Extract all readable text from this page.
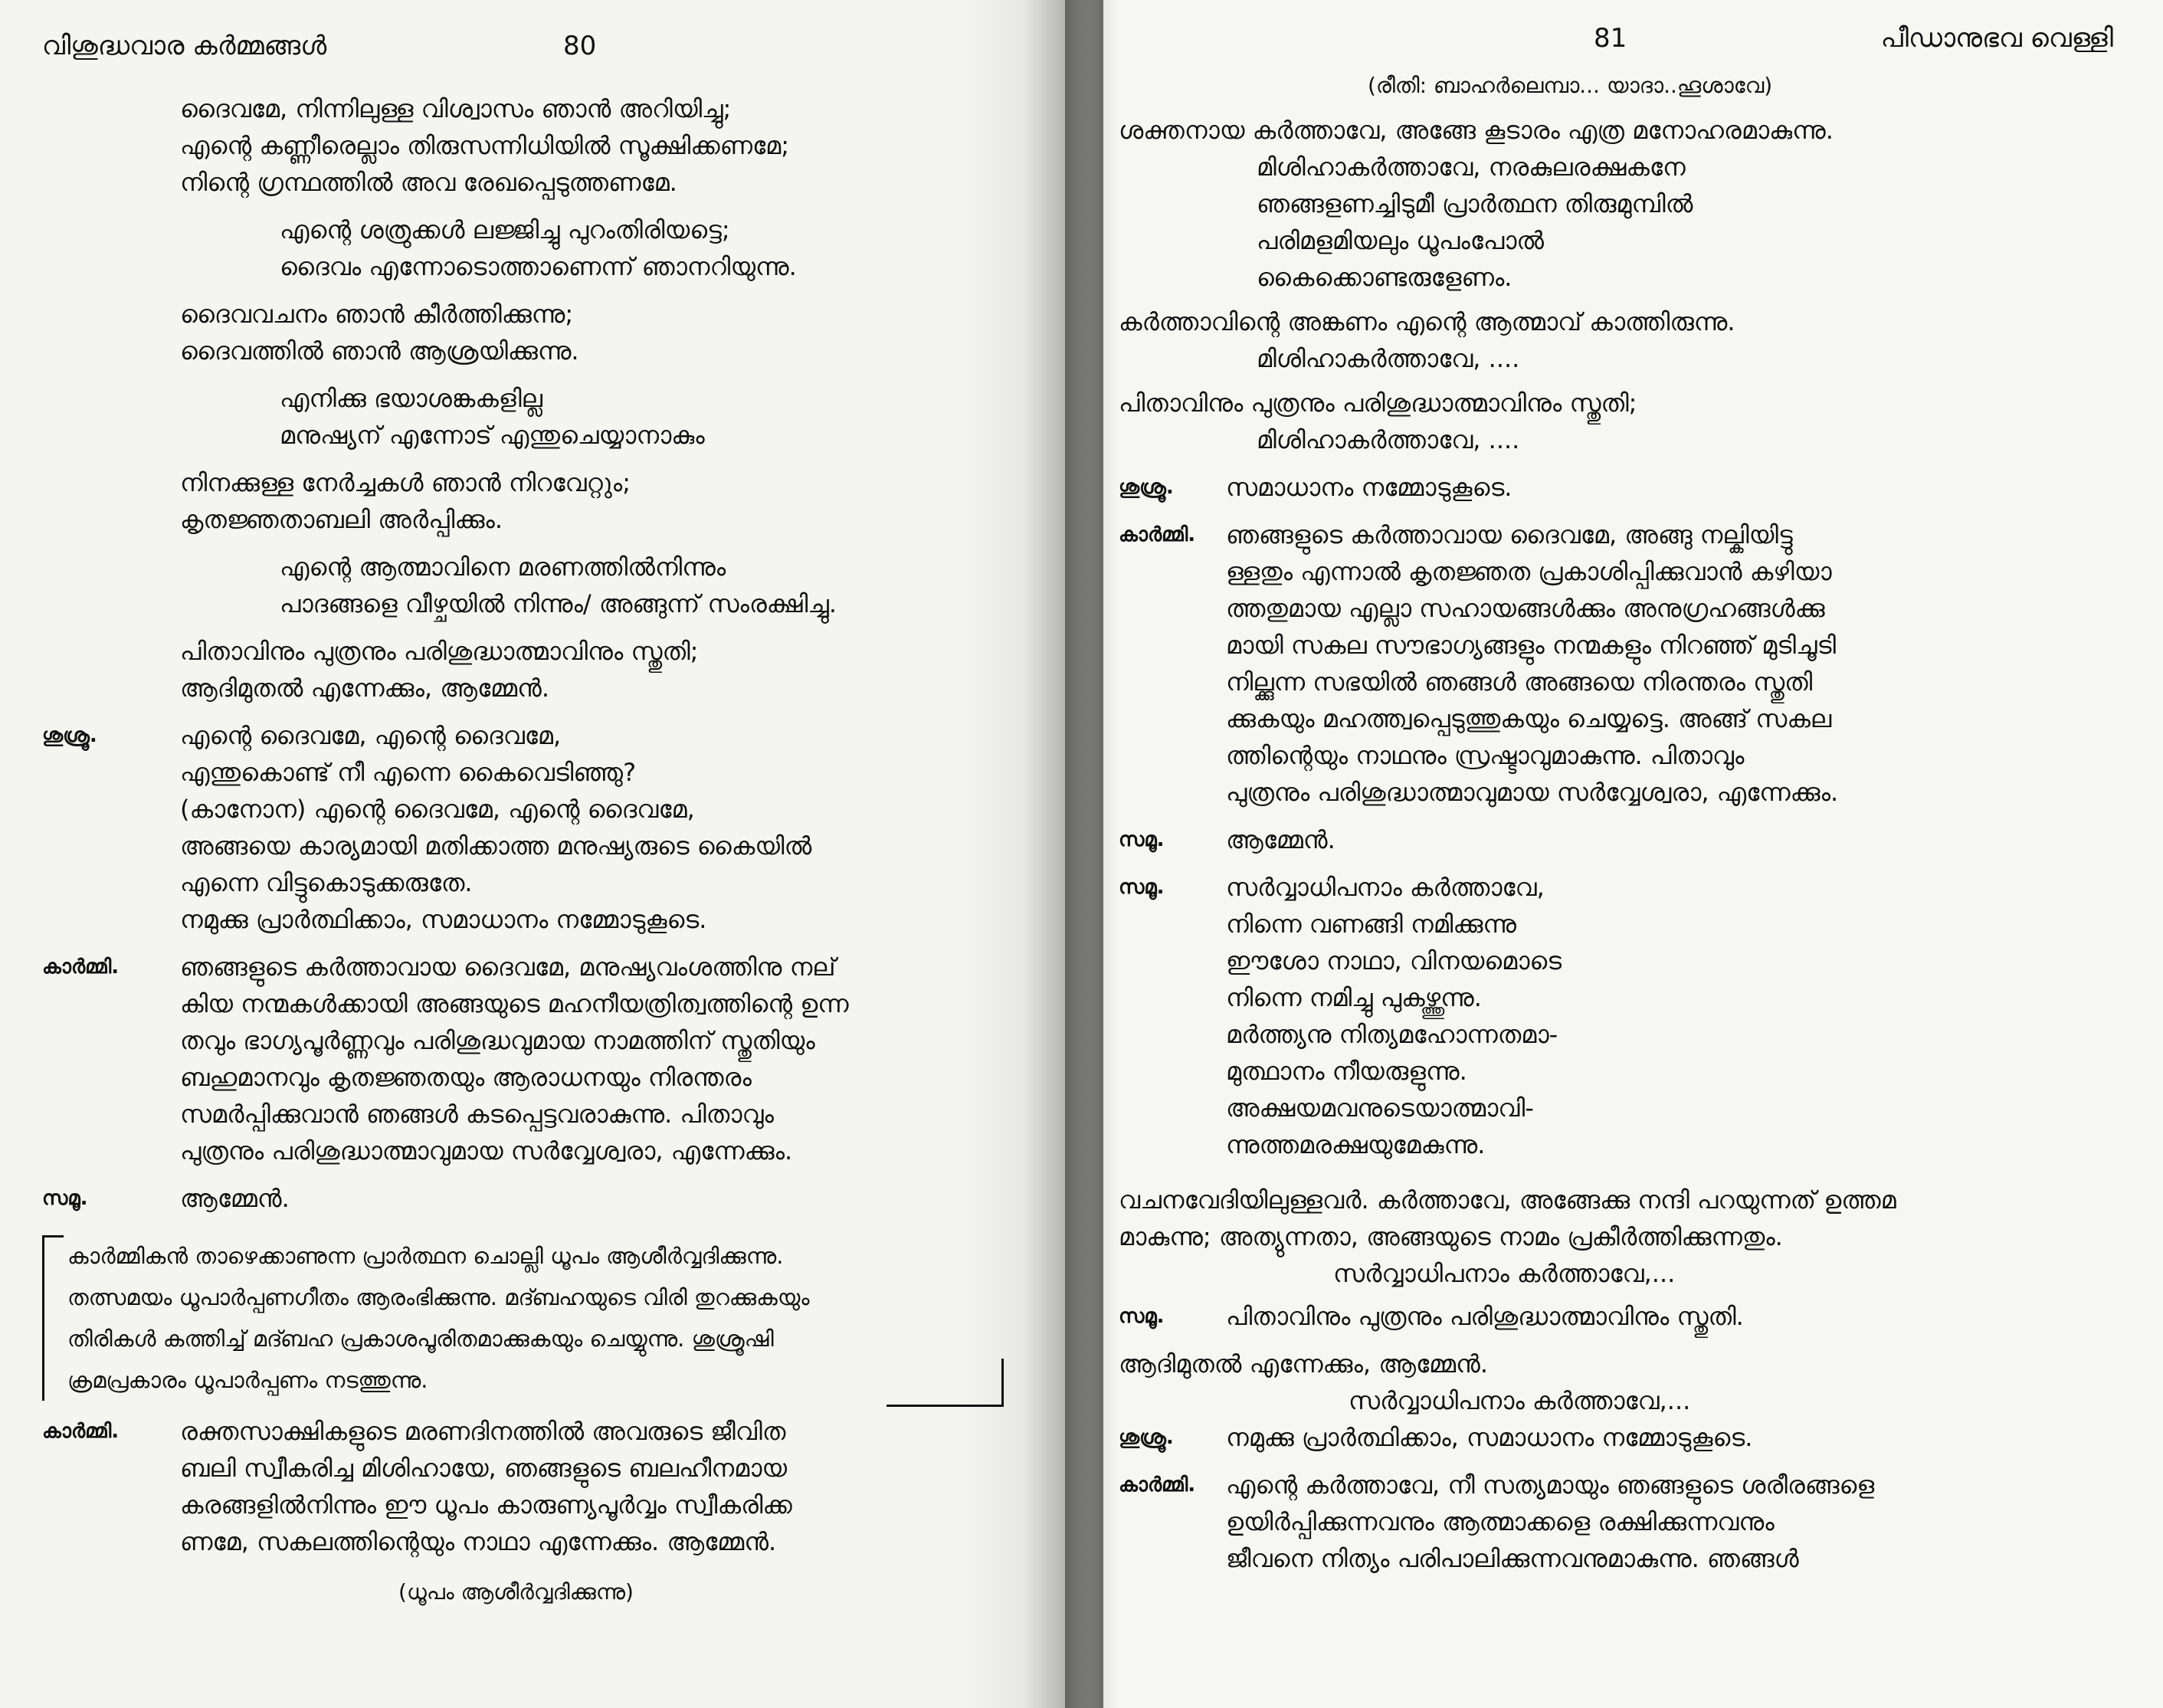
വിശുദ്ധവാര കർമ്മങ്ങൾ	80
ദൈവമേ, നിന്നിലുള്ള വിശ്വാസം ഞാൻ അറിയിച്ചു;
എന്റെ കണ്ണീരെല്ലാം തിരുസന്നിധിയിൽ സൂക്ഷിക്കണമേ;
നിന്റെ ഗ്രന്ഥത്തിൽ അവ രേഖപ്പെടുത്തണമേ.
എന്റെ ശത്രുക്കൾ ലജ്ജിച്ചു പുറംതിരിയട്ടെ;
ദൈവം എന്നോടൊത്താണെന്ന് ഞാനറിയുന്നു.
ദൈവവചനം ഞാൻ കീർത്തിക്കുന്നു;
ദൈവത്തിൽ ഞാൻ ആശ്രയിക്കുന്നു.
എനിക്കു ഭയാശങ്കകളില്ല
മനുഷ്യന് എന്നോട് എന്തുചെയ്യാനാകും
നിനക്കുള്ള നേർച്ചകൾ ഞാൻ നിറവേറ്റും;
കൃതജ്ഞതാബലി അർപ്പിക്കും.
എന്റെ ആത്മാവിനെ മരണത്തിൽനിന്നും
പാദങ്ങളെ വീഴ്ചയിൽ നിന്നും/ അങ്ങുന്ന് സംരക്ഷിച്ചു.
പിതാവിനും പുത്രനും പരിശുദ്ധാത്മാവിനും സ്തുതി;
ആദിമുതൽ എന്നേക്കും, ആമ്മേൻ.
ശുശ്രൂ.	എന്റെ ദൈവമേ, എന്റെ ദൈവമേ,
എന്തുകൊണ്ട് നീ എന്നെ കൈവെടിഞ്ഞു?
(കാനോന) എന്റെ ദൈവമേ, എന്റെ ദൈവമേ,
അങ്ങയെ കാര്യമായി മതിക്കാത്ത മനുഷ്യരുടെ കൈയിൽ
എന്നെ വിട്ടുകൊടുക്കരുതേ.
നമുക്കു പ്രാർത്ഥിക്കാം, സമാധാനം നമ്മോടുകൂടെ.
കാർമ്മി.	ഞങ്ങളുടെ കർത്താവായ ദൈവമേ, മനുഷ്യവംശത്തിനു നല്
കിയ നന്മകൾക്കായി അങ്ങയുടെ മഹനീയത്രിത്വത്തിന്റെ ഉന്ന
തവും ഭാഗ്യപൂർണ്ണവും പരിശുദ്ധവുമായ നാമത്തിന് സ്തുതിയും
ബഹുമാനവും കൃതജ്ഞതയും ആരാധനയും നിരന്തരം
സമർപ്പിക്കുവാൻ ഞങ്ങൾ കടപ്പെട്ടവരാകുന്നു. പിതാവും
പുത്രനും പരിശുദ്ധാത്മാവുമായ സർവ്വേശ്വരാ, എന്നേക്കും.
സമൂ.	ആമ്മേൻ.
കാർമ്മികൻ താഴെക്കാണുന്ന പ്രാർത്ഥന ചൊല്ലി ധൂപം ആശീർവ്വദിക്കുന്നു.
തത്സമയം ധൂപാർപ്പണഗീതം ആരംഭിക്കുന്നു. മദ്ബഹയുടെ വിരി തുറക്കുകയും
തിരികൾ കത്തിച്ച് മദ്ബഹ പ്രകാശപൂരിതമാക്കുകയും ചെയ്യുന്നു. ശുശ്രൂഷി
ക്രമപ്രകാരം ധൂപാർപ്പണം നടത്തുന്നു.
കാർമ്മി.	രക്തസാക്ഷികളുടെ മരണദിനത്തിൽ അവരുടെ ജീവിത
ബലി സ്വീകരിച്ച മിശിഹായേ, ഞങ്ങളുടെ ബലഹീനമായ
കരങ്ങളിൽനിന്നും ഈ ധൂപം കാരുണ്യപൂർവ്വം സ്വീകരിക്ക
ണമേ, സകലത്തിന്റെയും നാഥാ എന്നേക്കും. ആമ്മേൻ.
(ധൂപം ആശീർവ്വദിക്കുന്നു)
81	പീഡാനുഭവ വെള്ളി
(രീതി: ബാഹർലെമ്പാ... യാദാ..ഹൂശാവേ)
ശക്തനായ കർത്താവേ, അങ്ങേ കൂടാരം എത്ര മനോഹരമാകുന്നു.
മിശിഹാകർത്താവേ, നരകുലരക്ഷകനേ
ഞങ്ങളണച്ചിടുമീ പ്രാർത്ഥന തിരുമുമ്പിൽ
പരിമളമിയലും ധൂപംപോൽ
കൈക്കൊണ്ടരുളേണം.
കർത്താവിന്റെ അങ്കണം എന്റെ ആത്മാവ് കാത്തിരുന്നു.
മിശിഹാകർത്താവേ, ....
പിതാവിനും പുത്രനും പരിശുദ്ധാത്മാവിനും സ്തുതി;
മിശിഹാകർത്താവേ, ....
ശുശ്രൂ.	സമാധാനം നമ്മോടുകൂടെ.
കാർമ്മി.	ഞങ്ങളുടെ കർത്താവായ ദൈവമേ, അങ്ങു നല്കിയിട്ടു
ള്ളതും എന്നാൽ കൃതജ്ഞത പ്രകാശിപ്പിക്കുവാൻ കഴിയാ
ത്തതുമായ എല്ലാ സഹായങ്ങൾക്കും അനുഗ്രഹങ്ങൾക്കു
മായി സകല സൗഭാഗ്യങ്ങളും നന്മകളും നിറഞ്ഞ് മുടിചൂടി
നില്ക്കുന്ന സഭയിൽ ഞങ്ങൾ അങ്ങയെ നിരന്തരം സ്തുതി
ക്കുകയും മഹത്ത്വപ്പെടുത്തുകയും ചെയ്യട്ടെ. അങ്ങ് സകല
ത്തിന്റെയും നാഥനും സ്രഷ്ടാവുമാകുന്നു. പിതാവും
പുത്രനും പരിശുദ്ധാത്മാവുമായ സർവ്വേശ്വരാ, എന്നേക്കും.
സമൂ.	ആമ്മേൻ.
സമൂ.	സർവ്വാധിപനാം കർത്താവേ,
നിന്നെ വണങ്ങി നമിക്കുന്നു
ഈശോ നാഥാ, വിനയമൊടെ
നിന്നെ നമിച്ചു പുകഴ്ത്തുന്നു.
മർത്ത്യനു നിത്യമഹോന്നതമാ-
മുത്ഥാനം നീയരുളുന്നു.
അക്ഷയമവനുടെയാത്മാവി-
ന്നുത്തമരക്ഷയുമേകുന്നു.
വചനവേദിയിലുള്ളവർ. കർത്താവേ, അങ്ങേക്കു നന്ദി പറയുന്നത് ഉത്തമ
മാകുന്നു; അത്യുന്നതാ, അങ്ങയുടെ നാമം പ്രകീർത്തിക്കുന്നതും.
സർവ്വാധിപനാം കർത്താവേ,...
സമൂ.	പിതാവിനും പുത്രനും പരിശുദ്ധാത്മാവിനും സ്തുതി.
ആദിമുതൽ എന്നേക്കും, ആമ്മേൻ.
സർവ്വാധിപനാം കർത്താവേ,...
ശുശ്രൂ.	നമുക്കു പ്രാർത്ഥിക്കാം, സമാധാനം നമ്മോടുകൂടെ.
കാർമ്മി.	എന്റെ കർത്താവേ, നീ സത്യമായും ഞങ്ങളുടെ ശരീരങ്ങളെ
ഉയിർപ്പിക്കുന്നവനും ആത്മാക്കളെ രക്ഷിക്കുന്നവനും
ജീവനെ നിത്യം പരിപാലിക്കുന്നവനുമാകുന്നു. ഞങ്ങൾ
